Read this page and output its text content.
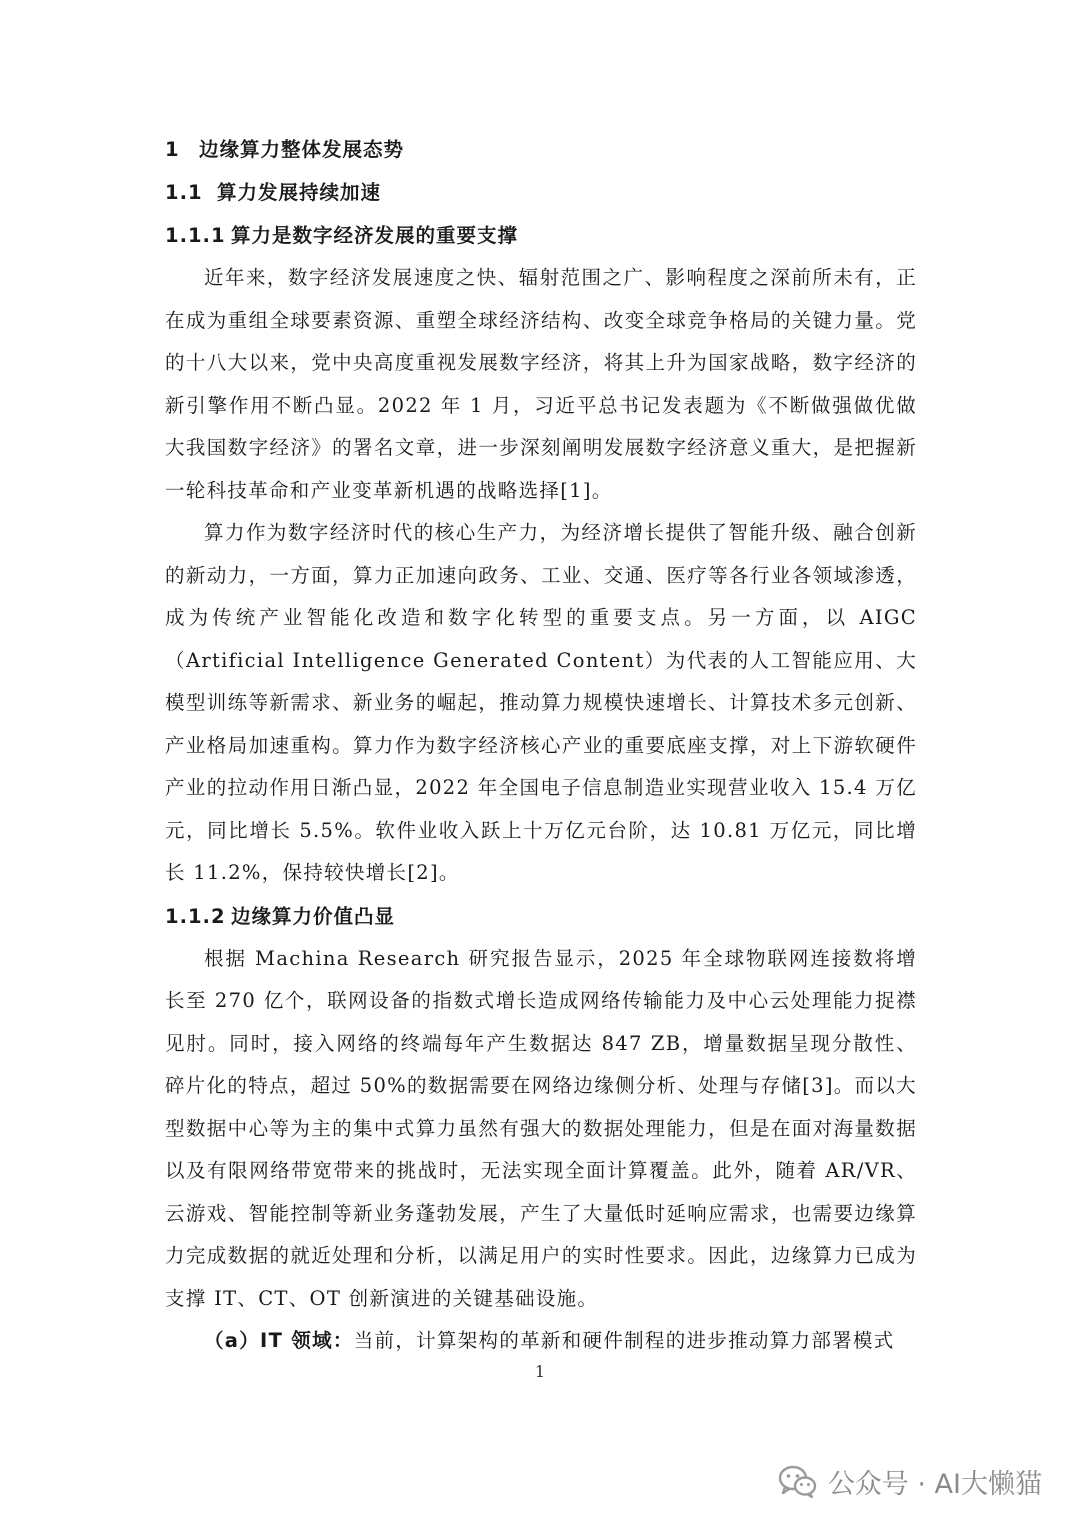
1 边缘算力整体发展态势
1.1 算力发展持续加速
1.1.1 算力是数字经济发展的重要支撑

近年来，数字经济发展速度之快、辐射范围之广、影响程度之深前所未有，正在成为重组全球要素资源、重塑全球经济结构、改变全球竞争格局的关键力量。党的十八大以来，党中央高度重视发展数字经济，将其上升为国家战略，数字经济的新引擎作用不断凸显。2022 年 1 月，习近平总书记发表题为《不断做强做优做大我国数字经济》的署名文章，进一步深刻阐明发展数字经济意义重大，是把握新一轮科技革命和产业变革新机遇的战略选择[1]。

算力作为数字经济时代的核心生产力，为经济增长提供了智能升级、融合创新的新动力，一方面，算力正加速向政务、工业、交通、医疗等各行业各领域渗透，成为传统产业智能化改造和数字化转型的重要支点。另一方面，以 AIGC（Artificial Intelligence Generated Content）为代表的人工智能应用、大模型训练等新需求、新业务的崛起，推动算力规模快速增长、计算技术多元创新、产业格局加速重构。算力作为数字经济核心产业的重要底座支撑，对上下游软硬件产业的拉动作用日渐凸显，2022 年全国电子信息制造业实现营业收入 15.4 万亿元，同比增长 5.5%。软件业收入跃上十万亿元台阶，达 10.81 万亿元，同比增长 11.2%，保持较快增长[2]。

1.1.2 边缘算力价值凸显

根据 Machina Research 研究报告显示，2025 年全球物联网连接数将增长至 270 亿个，联网设备的指数式增长造成网络传输能力及中心云处理能力捉襟见肘。同时，接入网络的终端每年产生数据达 847 ZB，增量数据呈现分散性、碎片化的特点，超过 50%的数据需要在网络边缘侧分析、处理与存储[3]。而以大型数据中心等为主的集中式算力虽然有强大的数据处理能力，但是在面对海量数据以及有限网络带宽带来的挑战时，无法实现全面计算覆盖。此外，随着 AR/VR、云游戏、智能控制等新业务蓬勃发展，产生了大量低时延响应需求，也需要边缘算力完成数据的就近处理和分析，以满足用户的实时性要求。因此，边缘算力已成为支撑 IT、CT、OT 创新演进的关键基础设施。

（a）IT 领域：当前，计算架构的革新和硬件制程的进步推动算力部署模式

1
公众号 · AI大懒猫
